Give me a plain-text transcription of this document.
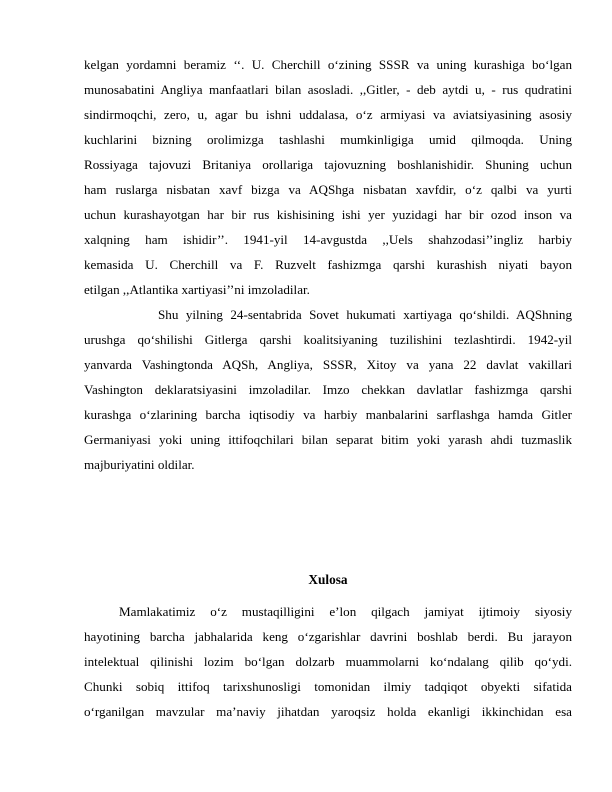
kelgan yordamni beramiz ‘‘. U. Cherchill o‘zining SSSR va uning kurashiga bo‘lgan
munosabatini Angliya manfaatlari bilan asosladi. ,,Gitler, - deb aytdi u, - rus qudratini
sindirmoqchi, zero, u, agar bu ishni uddalasa, o‘z armiyasi va aviatsiyasining asosiy
kuchlarini bizning orolimizga tashlashi mumkinligiga umid qilmoqda. Uning
Rossiyaga tajovuzi Britaniya orollariga tajovuzning boshlanishidir. Shuning uchun
ham ruslarga nisbatan xavf bizga va AQShga nisbatan xavfdir, o‘z qalbi va yurti
uchun kurashayotgan har bir rus kishisining ishi yer yuzidagi har bir ozod inson va
xalqning ham ishidir’’. 1941-yil 14-avgustda ,,Uels shahzodasi’’ingliz harbiy
kemasida U. Cherchill va F. Ruzvelt fashizmga qarshi kurashish niyati bayon
etilgan ,,Atlantika xartiyasi’’ni imzoladilar.
Shu yilning 24-sentabrida Sovet hukumati xartiyaga qo‘shildi. AQShning
urushga qo‘shilishi Gitlerga qarshi koalitsiyaning tuzilishini tezlashtirdi. 1942-yil
yanvarda Vashingtonda AQSh, Angliya, SSSR, Xitoy va yana 22 davlat vakillari
Vashington deklaratsiyasini imzoladilar. Imzo chekkan davlatlar fashizmga qarshi
kurashga o‘zlarining barcha iqtisodiy va harbiy manbalarini sarflashga hamda Gitler
Germaniyasi yoki uning ittifoqchilari bilan separat bitim yoki yarash ahdi tuzmaslik
majburiyatini oldilar.
Xulosa
Mamlakatimiz o‘z mustaqilligini e’lon qilgach jamiyat ijtimoiy siyosiy
hayotining barcha jabhalarida keng o‘zgarishlar davrini boshlab berdi. Bu jarayon
intelektual qilinishi lozim bo‘lgan dolzarb muammolarni ko‘ndalang qilib qo‘ydi.
Chunki sobiq ittifoq tarixshunosligi tomonidan ilmiy tadqiqot obyekti sifatida
o‘rganilgan mavzular ma’naviy jihatdan yaroqsiz holda ekanligi ikkinchidan esa
